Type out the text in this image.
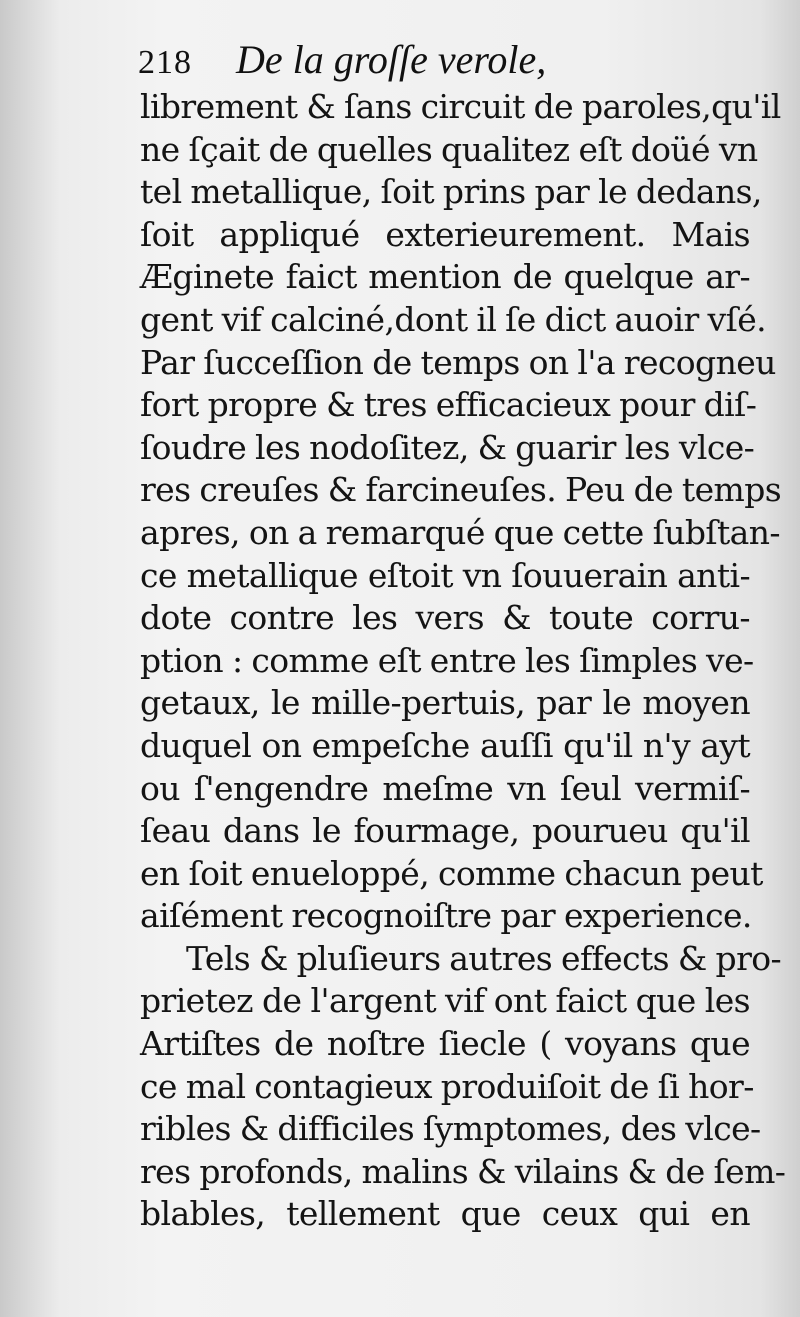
218 De la groſſe verole,
librement & ſans circuit de paroles,qu'il
ne ſçait de quelles qualitez eſt doüé vn
tel metallique, ſoit prins par le dedans,
ſoit appliqué exterieurement. Mais
Æginete faict mention de quelque ar-
gent vif calciné,dont il ſe dict auoir vſé.
Par ſucceſſion de temps on l'a recogneu
fort propre & tres efficacieux pour diſ-
ſoudre les nodoſitez, & guarir les vlce-
res creuſes & farcineuſes. Peu de temps
apres, on a remarqué que cette ſubſtan-
ce metallique eſtoit vn ſouuerain anti-
dote contre les vers & toute corru-
ption : comme eſt entre les ſimples ve-
getaux, le mille-pertuis, par le moyen
duquel on empeſche auſſi qu'il n'y ayt
ou ſ'engendre meſme vn ſeul vermiſ-
ſeau dans le fourmage, pourueu qu'il
en ſoit enueloppé, comme chacun peut
aiſément recognoiſtre par experience.
Tels & pluſieurs autres effects & pro-
prietez de l'argent vif ont faict que les
Artiſtes de noſtre ſiecle ( voyans que
ce mal contagieux produiſoit de ſi hor-
ribles & difficiles ſymptomes, des vlce-
res profonds, malins & vilains & de ſem-
blables, tellement que ceux qui en
